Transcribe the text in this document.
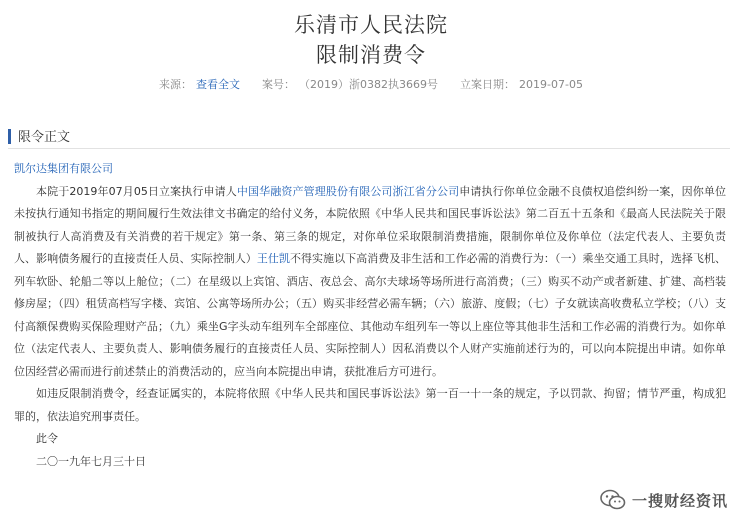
乐清市人民法院
限制消费令
来源： 查看全文 案号： （2019）浙0382执3669号 立案日期： 2019-07-05
限令正文
凯尔达集团有限公司

本院于2019年07月05日立案执行申请人中国华融资产管理股份有限公司浙江省分公司申请执行你单位金融不良债权追偿纠纷一案，因你单位未按执行通知书指定的期间履行生效法律文书确定的给付义务，本院依照《中华人民共和国民事诉讼法》第二百五十五条和《最高人民法院关于限制被执行人高消费及有关消费的若干规定》第一条、第三条的规定，对你单位采取限制消费措施，限制你单位及你单位（法定代表人、主要负责人、影响债务履行的直接责任人员、实际控制人）王仕凯不得实施以下高消费及非生活和工作必需的消费行为：（一）乘坐交通工具时，选择飞机、列车软卧、轮船二等以上舱位；（二）在星级以上宾馆、酒店、夜总会、高尔夫球场等场所进行高消费；（三）购买不动产或者新建、扩建、高档装修房屋；（四）租赁高档写字楼、宾馆、公寓等场所办公；（五）购买非经营必需车辆；（六）旅游、度假；（七）子女就读高收费私立学校；（八）支付高额保费购买保险理财产品；（九）乘坐G字头动车组列车全部座位、其他动车组列车一等以上座位等其他非生活和工作必需的消费行为。如你单位（法定代表人、主要负责人、影响债务履行的直接责任人员、实际控制人）因私消费以个人财产实施前述行为的，可以向本院提出申请。如你单位因经营必需而进行前述禁止的消费活动的，应当向本院提出申请，获批准后方可进行。

如违反限制消费令，经查证属实的，本院将依照《中华人民共和国民事诉讼法》第一百一十一条的规定，予以罚款、拘留；情节严重，构成犯罪的，依法追究刑事责任。

此令

二〇一九年七月三十日

一搜财经资讯
